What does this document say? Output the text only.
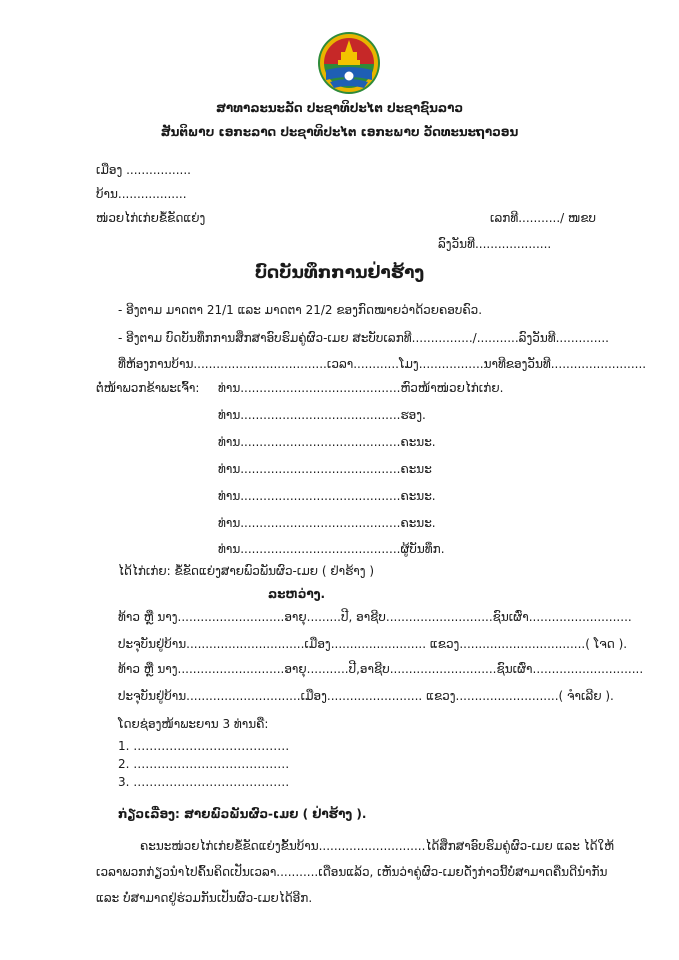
ສາທາລະນະລັດ ປະຊາທິປະໄຕ ປະຊາຊົນລາວ
ສັນຕິພາບ ເອກະລາດ ປະຊາທິປະໄຕ ເອກະພາບ ວັດທະນະຖາວອນ
ເມືອງ .................
ບ້ານ..................
ໜ່ວຍໄກ່ເກ່ຍຂໍ້ຂັດແຍ່ງ	ເລກທີ.........../ ໜຂບ
ລົງວັນທີ....................
ບົດບັນທຶກການຢ່າຮ້າງ
- ອີງຕາມ ມາດຕາ 21/1 ແລະ ມາດຕາ 21/2 ຂອງກົດໝາຍວ່າດ້ວຍຄອບຄົວ.
- ອີງຕາມ ບົດບັນທຶກການສຶກສາອົບຮົມຄູ່ຜົວ-ເມຍ ສະບັບເລກທີ................/...........ລົງວັນທີ..............
ທີ່ຫ້ອງການບ້ານ...................................ເວລາ............ໂມງ.................ນາທີຂອງວັນທີ.........................
ຕໍ່ໜ້າພວກຂ້າພະເຈົ້າ: ທ່ານ..........................................ຫົວໜ້າໜ່ວຍໄກ່ເກ່ຍ.
ທ່ານ..........................................ຮອງ.
ທ່ານ..........................................ຄະນະ.
ທ່ານ..........................................ຄະນະ
ທ່ານ..........................................ຄະນະ.
ທ່ານ..........................................ຄະນະ.
ທ່ານ..........................................ຜູ້ບັນທຶກ.
ໄດ້ໄກ່ເກ່ຍ: ຂໍ້ຂັດແຍ່ງສາຍພົວພັນຜົວ-ເມຍ ( ຢ່າຮ້າງ )
ລະຫວ່າງ.
ທ້າວ ຫຼື ນາງ............................ອາຍຸ.........ປີ, ອາຊີບ............................ຊົນເຜົ່າ...........................
ປະຈຸບັນຢູ່ບ້ານ...............................ເມືອງ......................... ແຂວງ.................................( ໂຈດ ).
ທ້າວ ຫຼື ນາງ............................ອາຍຸ...........ປີ,ອາຊີບ............................ຊົນເຜົ່າ.............................
ປະຈຸບັນຢູ່ບ້ານ..............................ເມືອງ......................... ແຂວງ...........................( ຈຳເລີຍ ).
ໂດຍຊ່ອງໜ້າພະຍານ 3 ທ່ານຄື:
1. …………………………………
2. …………………………………
3. …………………………………
ກ່ຽວເລື່ອງ: ສາຍພົວພັນຜົວ-ເມຍ ( ຢ່າຮ້າງ ).
ຄະນະໜ່ວຍໄກ່ເກ່ຍຂໍ້ຂັດແຍ່ງຂັ້ນບ້ານ............................ໄດ້ສຶກສາອົບຮົມຄູ່ຜົວ-ເມຍ ແລະ ໄດ້ໃຫ້
ເວລາພວກກ່ຽວນຳໄປຄົ້ນຄິດເປັນເວລາ...........ເດືອນແລ້ວ, ເຫັນວ່າຄູ່ຜົວ-ເມຍດັ່ງກ່າວນີ້ບໍ່ສາມາດຄືນດີນຳກັນ
ແລະ ບໍ່ສາມາດຢູ່ຮ່ວມກັນເປັນຜົວ-ເມຍໄດ້ອີກ.
